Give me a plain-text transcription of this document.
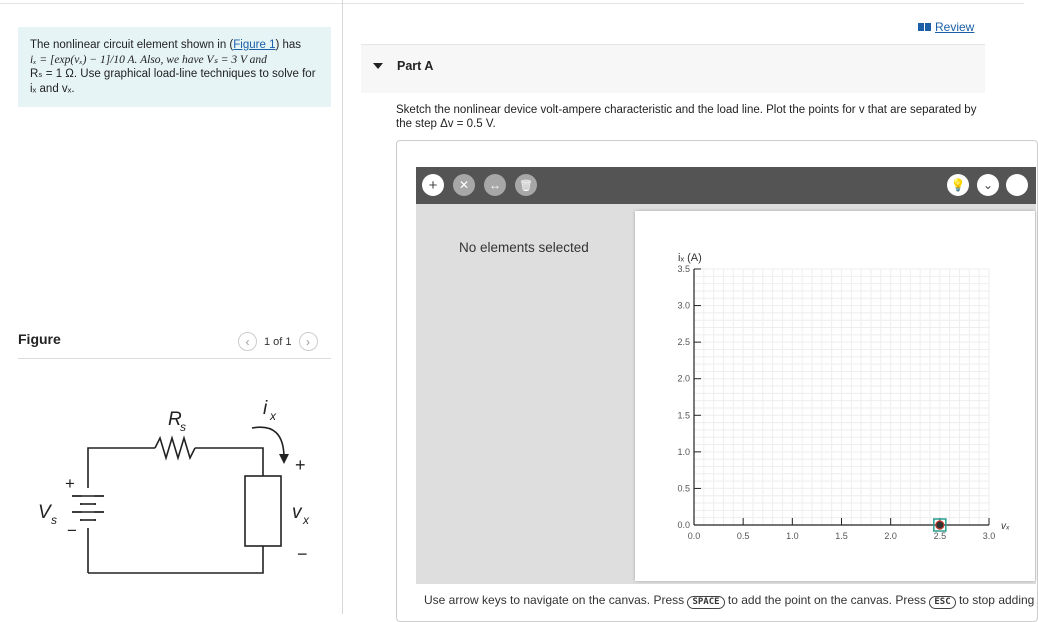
The nonlinear circuit element shown in (Figure 1) has
iₓ = [exp(vₓ) − 1]/10 A. Also, we have Vₛ = 3 V and
Rₛ = 1 Ω. Use graphical load-line techniques to solve for
iₓ and vₓ.
Figure	‹	1 of 1	›
R
s
i x
V s	v x
+
−
+
−
Review
Part A
Sketch the nonlinear device volt-ampere characteristic and the load line. Plot the points for v that are separated by the step Δv = 0.5 V.
+	✕	↔	🗑	💡	⌄
No elements selected
0.0	0.5	1.0	1.5	2.0	2.5	3.0
0.0
0.5
1.0
1.5
2.0
2.5
3.0
3.5
iₓ (A)
vₓ
Use arrow keys to navigate on the canvas. Press SPACE to add the point on the canvas. Press ESC to stop adding
